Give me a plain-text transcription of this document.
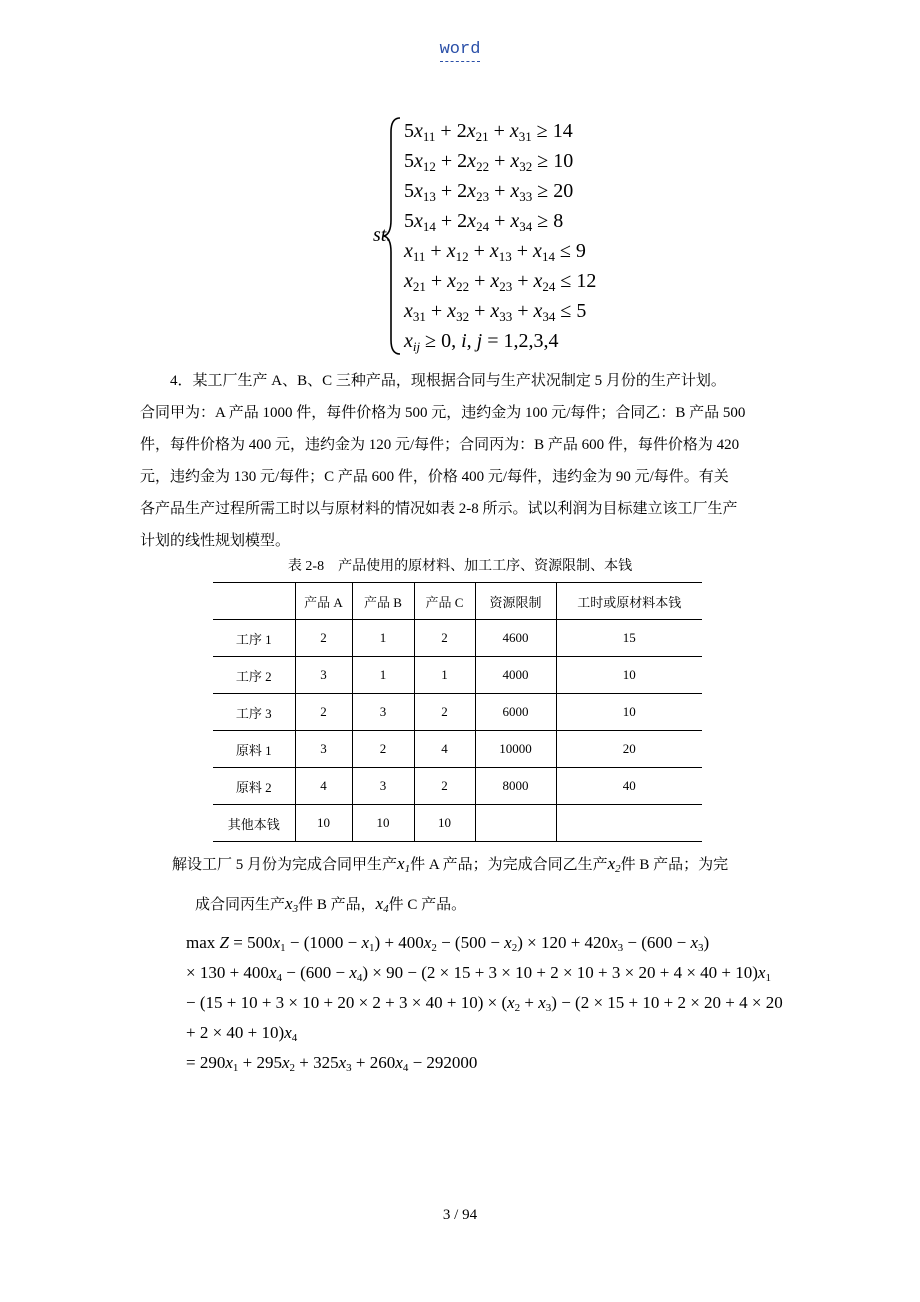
word
st.
$5x_{11} + 2x_{21} + x_{31} \ge 14$
$5x_{12} + 2x_{22} + x_{32} \ge 10$
$5x_{13} + 2x_{23} + x_{33} \ge 20$
$5x_{14} + 2x_{24} + x_{34} \ge 8$
$x_{11} + x_{12} + x_{13} + x_{14} \le 9$
$x_{21} + x_{22} + x_{23} + x_{24} \le 12$
$x_{31} + x_{32} + x_{33} + x_{34} \le 5$
$x_{ij} \ge 0$, i, j = 1,2,3,4

4．某工厂生产 A、B、C 三种产品，现根据合同与生产状况制定 5 月份的生产计划。

合同甲为：A 产品 1000 件，每件价格为 500 元，违约金为 100 元/每件；合同乙：B 产品 500

件，每件价格为 400 元，违约金为 120 元/每件；合同丙为：B 产品 600 件，每件价格为 420

元，违约金为 130 元/每件；C 产品 600 件，价格 400 元/每件，违约金为 90 元/每件。有关

各产品生产过程所需工时以与原材料的情况如表 2-8 所示。试以利润为目标建立该工厂生产

计划的线性规划模型。

表 2-8　产品使用的原材料、加工工序、资源限制、本钱
	产品 A	产品 B	产品 C	资源限制	工时或原材料本钱
工序 1	2	1	2	4600	15
工序 2	3	1	1	4000	10
工序 3	2	3	2	6000	10
原料 1	3	2	4	10000	20
原料 2	4	3	2	8000	40
其他本钱	10	10	10		
解设工厂 5 月份为完成合同甲生产$x_1$件 A 产品；为完成合同乙生产$x_2$件 B 产品；为完
成合同丙生产$x_3$件 B 产品，$x_4$件 C 产品。
$\max Z = 500x_1 - (1000 - x_1) + 400x_2 - (500 - x_2) \times 120 + 420x_3 - (600 - x_3)$
× $130 + 400x_4 - (600 - x_4) \times 90 - (2 \times 15 + 3 \times 10 + 2 \times 10 + 3 \times 20 + 4 \times 40 + 10)x_1$
− $(15 + 10 + 3 \times 10 + 20 \times 2 + 3 \times 40 + 10) \times (x_2 + x_3) - (2 \times 15 + 10 + 2 \times 20 + 4 \times 20$
+ $2 \times 40 + 10)x_4$
= $290x_1 + 295x_2 + 325x_3 + 260x_4 - 292000$
3 / 94
